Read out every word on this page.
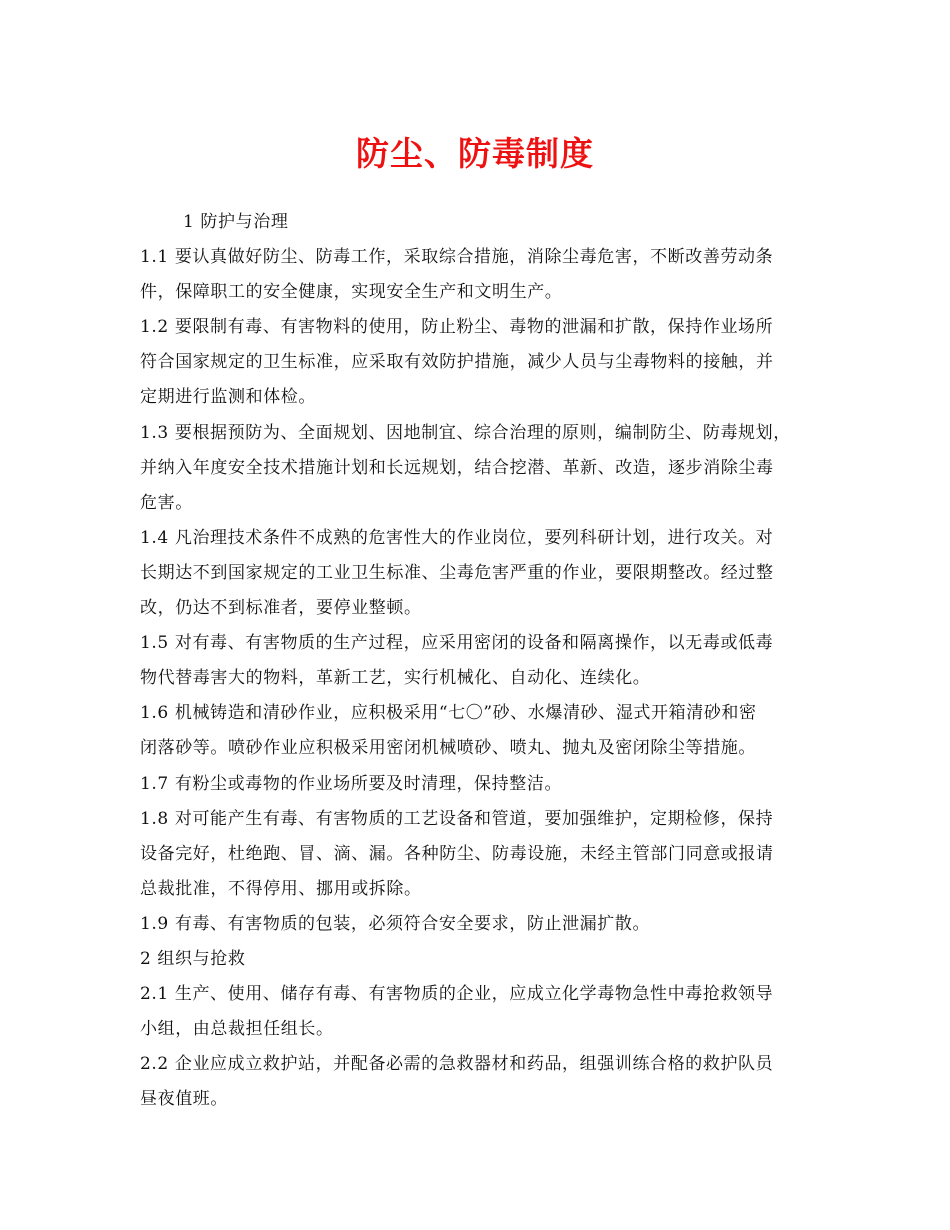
防尘、防毒制度
1 防护与治理
1.1 要认真做好防尘、防毒工作，采取综合措施，消除尘毒危害，不断改善劳动条
件，保障职工的安全健康，实现安全生产和文明生产。
1.2 要限制有毒、有害物料的使用，防止粉尘、毒物的泄漏和扩散，保持作业场所
符合国家规定的卫生标准，应采取有效防护措施，减少人员与尘毒物料的接触，并
定期进行监测和体检。
1.3 要根据预防为、全面规划、因地制宜、综合治理的原则，编制防尘、防毒规划，
并纳入年度安全技术措施计划和长远规划，结合挖潜、革新、改造，逐步消除尘毒
危害。
1.4 凡治理技术条件不成熟的危害性大的作业岗位，要列科研计划，进行攻关。对
长期达不到国家规定的工业卫生标准、尘毒危害严重的作业，要限期整改。经过整
改，仍达不到标准者，要停业整顿。
1.5 对有毒、有害物质的生产过程，应采用密闭的设备和隔离操作，以无毒或低毒
物代替毒害大的物料，革新工艺，实行机械化、自动化、连续化。
1.6 机械铸造和清砂作业，应积极采用“七〇”砂、水爆清砂、湿式开箱清砂和密
闭落砂等。喷砂作业应积极采用密闭机械喷砂、喷丸、抛丸及密闭除尘等措施。
1.7 有粉尘或毒物的作业场所要及时清理，保持整洁。
1.8 对可能产生有毒、有害物质的工艺设备和管道，要加强维护，定期检修，保持
设备完好，杜绝跑、冒、滴、漏。各种防尘、防毒设施，未经主管部门同意或报请
总裁批准，不得停用、挪用或拆除。
1.9 有毒、有害物质的包装，必须符合安全要求，防止泄漏扩散。
2 组织与抢救
2.1 生产、使用、储存有毒、有害物质的企业，应成立化学毒物急性中毒抢救领导
小组，由总裁担任组长。
2.2 企业应成立救护站，并配备必需的急救器材和药品，组强训练合格的救护队员
昼夜值班。
